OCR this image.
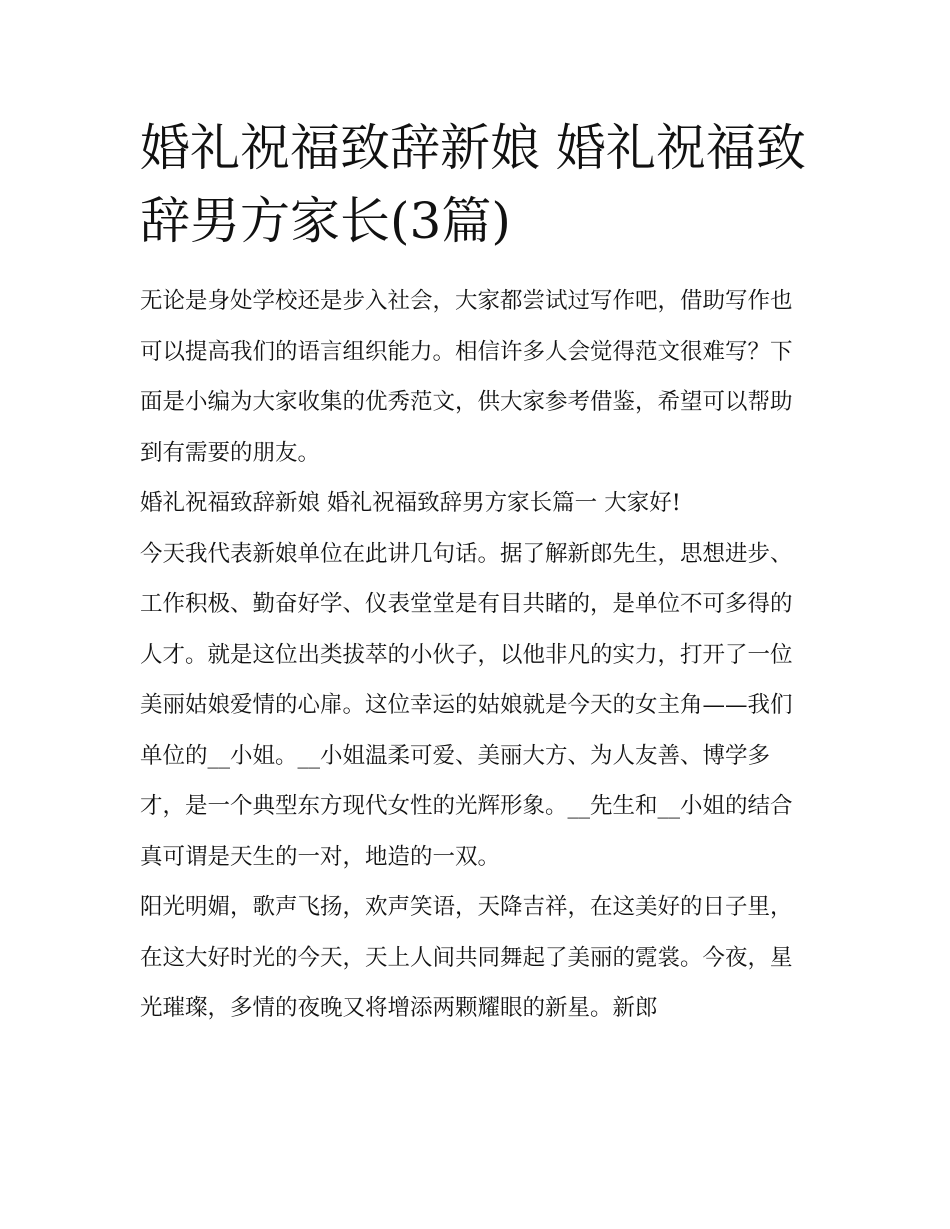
婚礼祝福致辞新娘 婚礼祝福致辞男方家长(3篇)

无论是身处学校还是步入社会，大家都尝试过写作吧，借助写作也可以提高我们的语言组织能力。相信许多人会觉得范文很难写？下面是小编为大家收集的优秀范文，供大家参考借鉴，希望可以帮助到有需要的朋友。

婚礼祝福致辞新娘 婚礼祝福致辞男方家长篇一 大家好!

今天我代表新娘单位在此讲几句话。据了解新郎先生，思想进步、工作积极、勤奋好学、仪表堂堂是有目共睹的，是单位不可多得的人才。就是这位出类拔萃的小伙子，以他非凡的实力，打开了一位美丽姑娘爱情的心扉。这位幸运的姑娘就是今天的女主角——我们单位的__小姐。__小姐温柔可爱、美丽大方、为人友善、博学多才，是一个典型东方现代女性的光辉形象。__先生和__小姐的结合真可谓是天生的一对，地造的一双。

阳光明媚，歌声飞扬，欢声笑语，天降吉祥，在这美好的日子里，在这大好时光的今天，天上人间共同舞起了美丽的霓裳。今夜，星光璀璨，多情的夜晚又将增添两颗耀眼的新星。新郎
